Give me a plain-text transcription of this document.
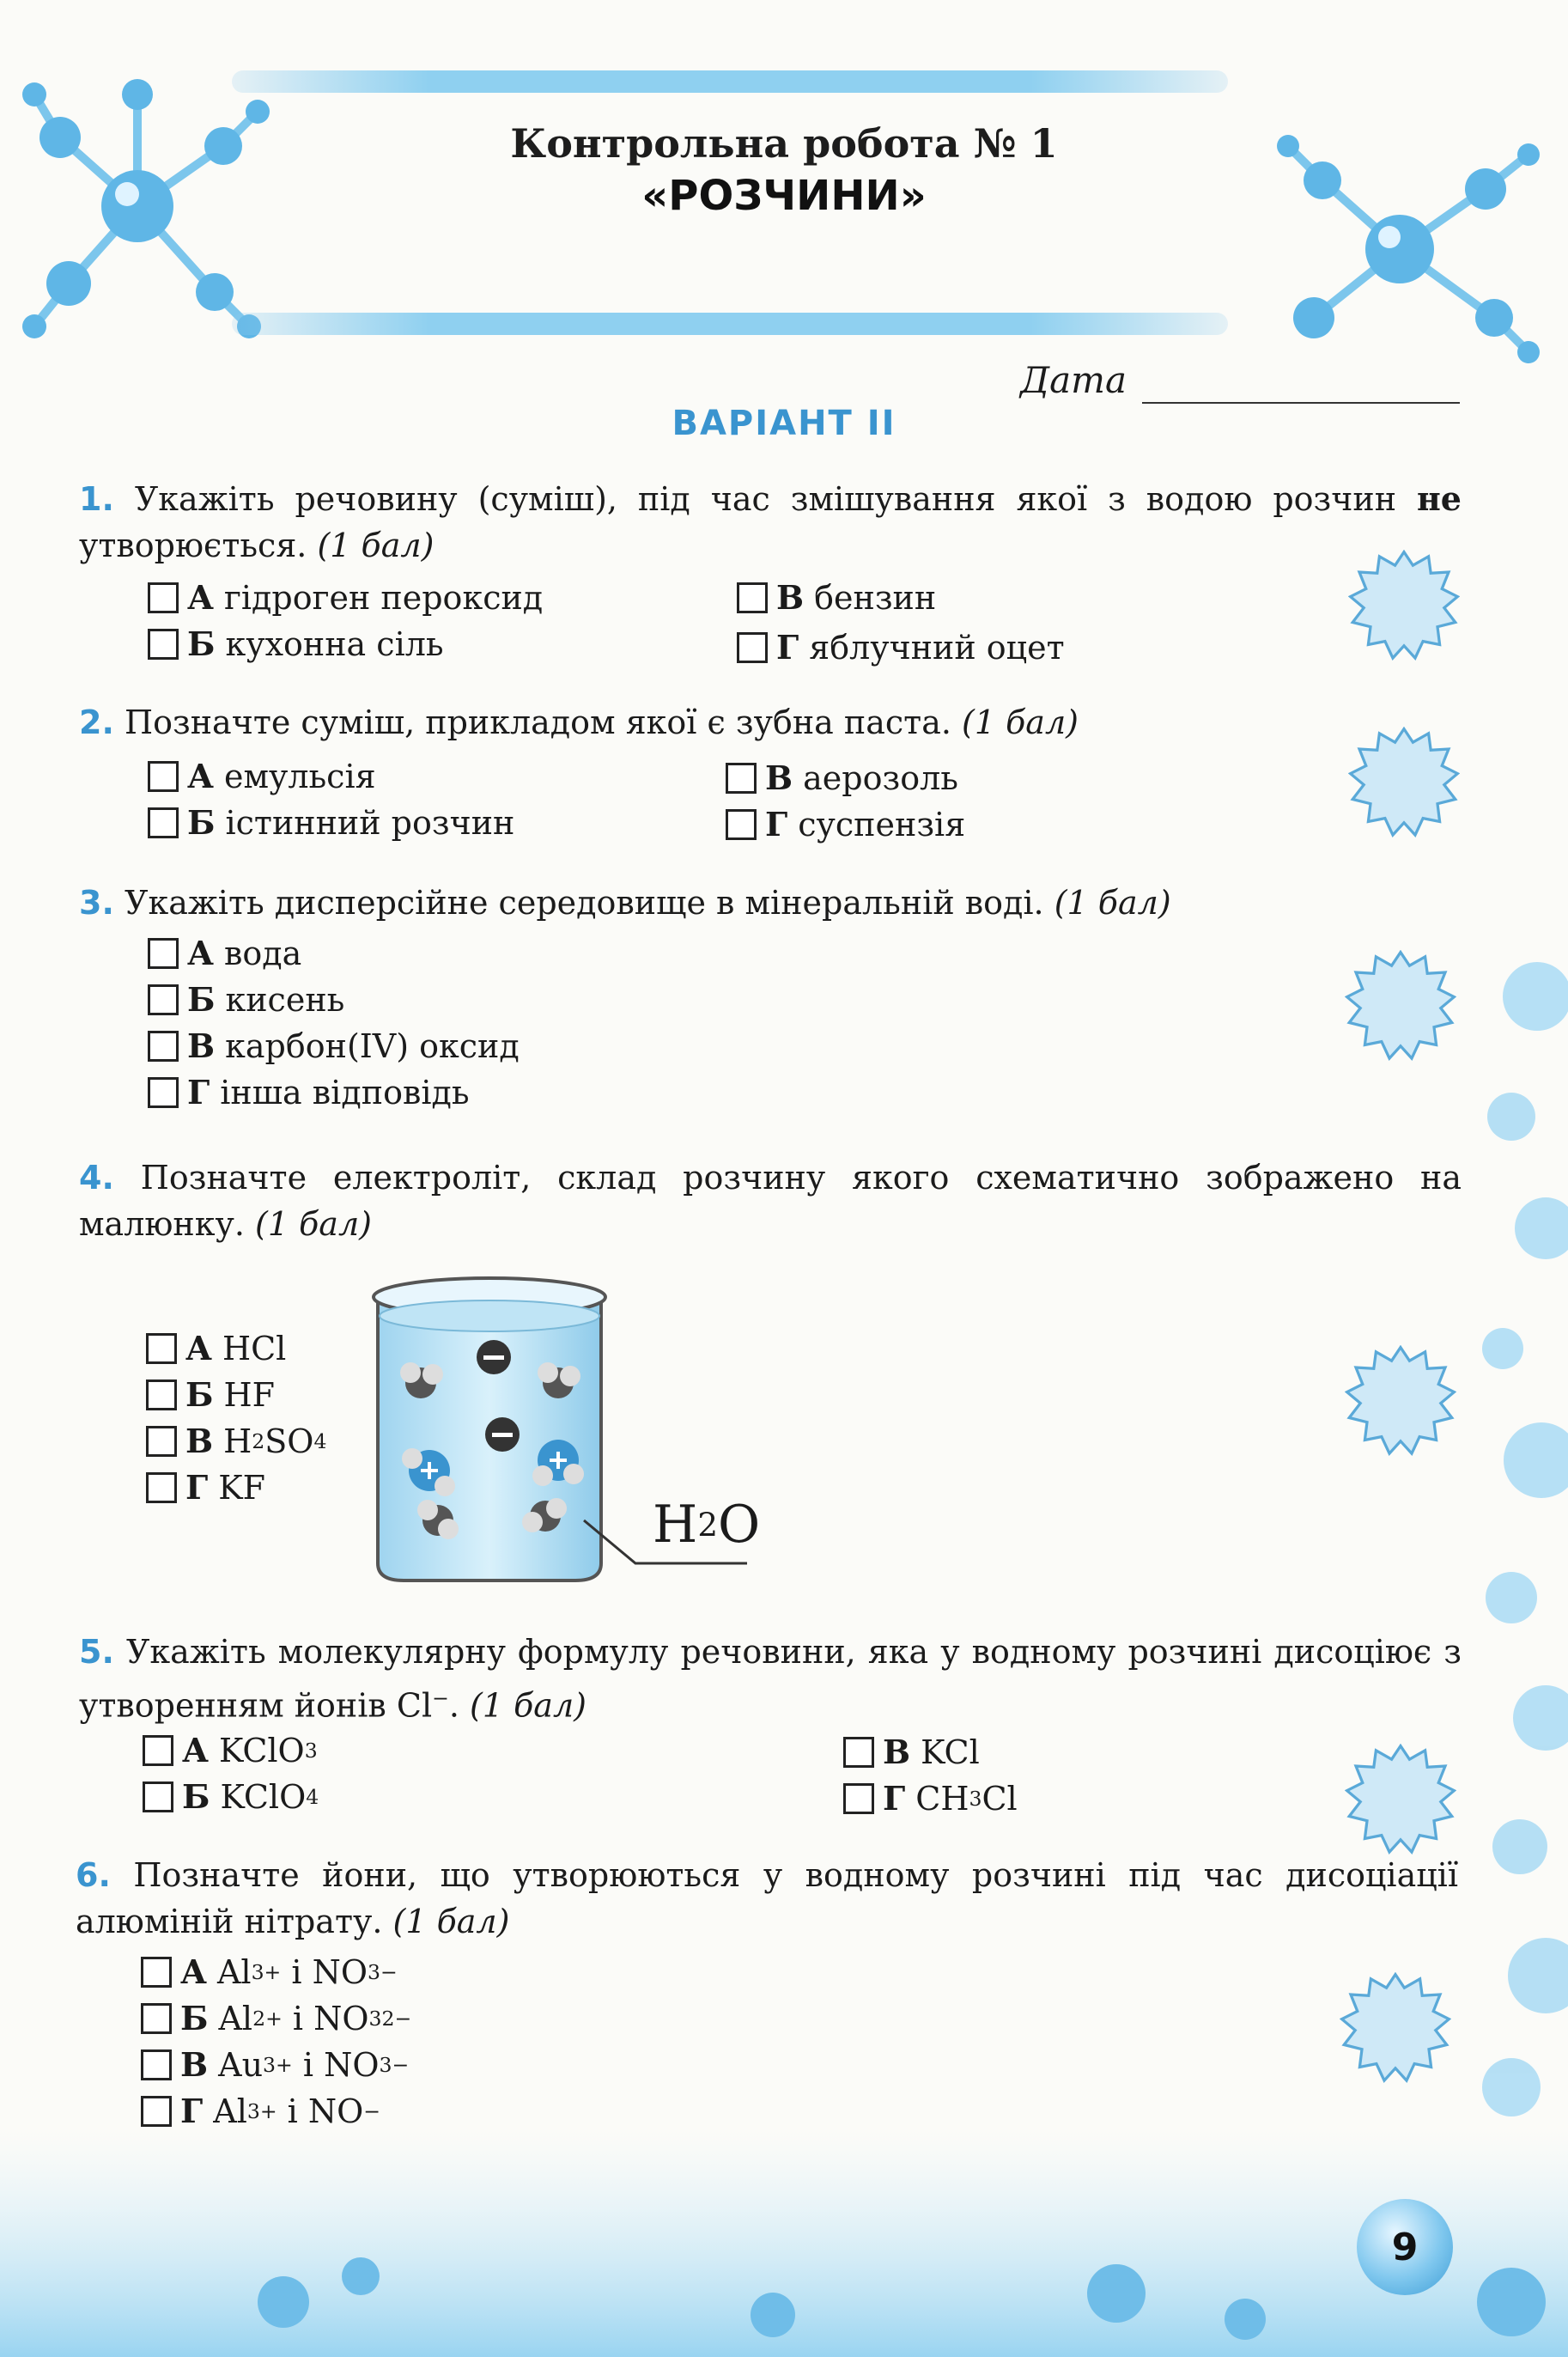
Контрольна робота № 1
«РОЗЧИНИ»
Дата
ВАРІАНТ II
1. Укажіть речовину (суміш), під час змішування якої з водою розчин не утворюється. (1 бал)
А гідроген пероксид
Б кухонна сіль
В бензин
Г яблучний оцет
2. Позначте суміш, прикладом якої є зубна паста. (1 бал)
А емульсія
Б істинний розчин
В аерозоль
Г суспензія
3. Укажіть дисперсійне середовище в мінеральній воді. (1 бал)
А вода
Б кисень
В карбон(IV) оксид
Г інша відповідь
4. Позначте електроліт, склад розчину якого схематично зображено на малюнку. (1 бал)
А HCl
Б HF
В H 2 SO 4
Г KF
H 2 O
5. Укажіть молекулярну формулу речовини, яка у водному розчині дисоціює з утворенням йонів Cl−. (1 бал)
А KClO 3
Б KClO 4
В KCl
Г CH 3 Cl
6. Позначте йони, що утворюються у водному розчині під час дисоціації алюміній нітрату. (1 бал)
А Al 3+ і NO 3 −
Б Al 2+ і NO 3 2−
В Au 3+ і NO 3 −
Г Al 3+ і NO −
9
